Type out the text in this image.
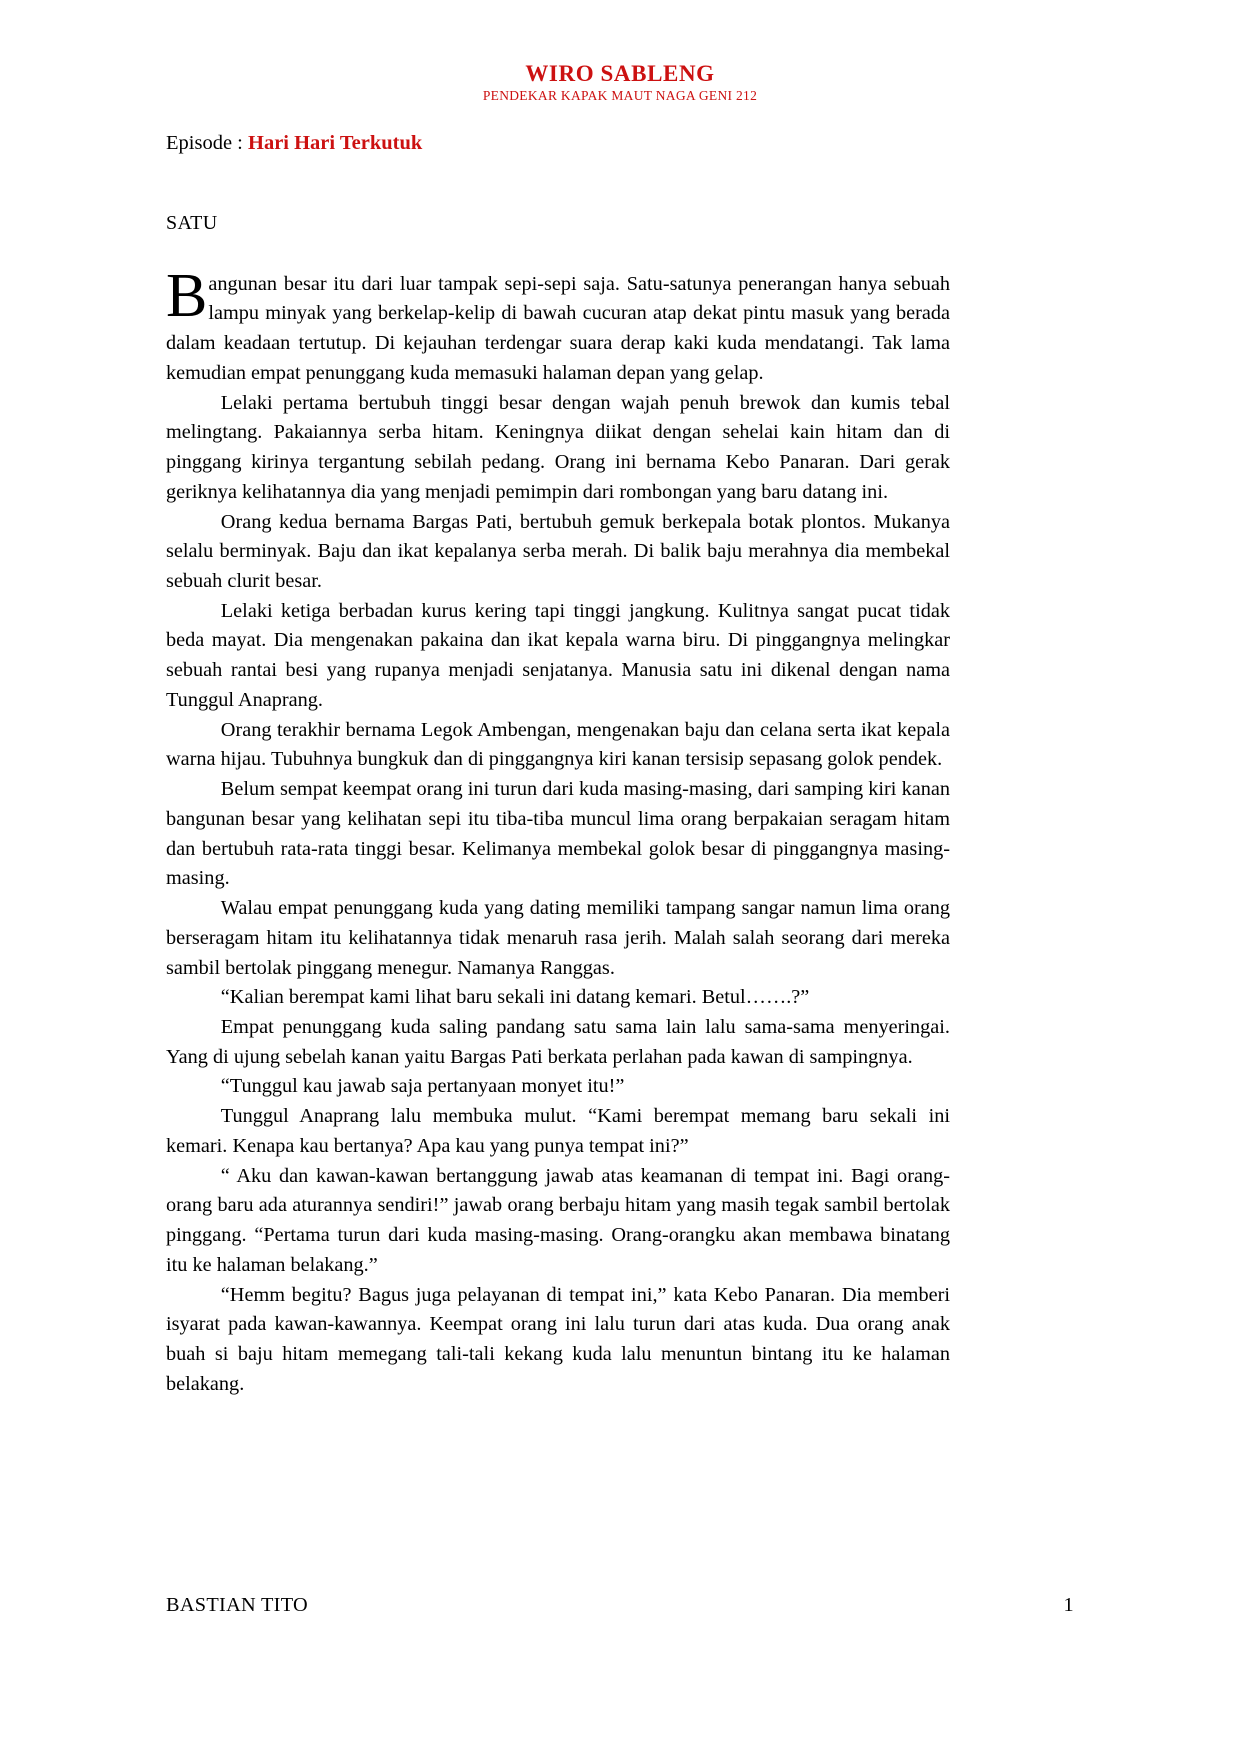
WIRO SABLENG
PENDEKAR KAPAK MAUT NAGA GENI 212
Episode : Hari Hari Terkutuk
SATU

Bangunan besar itu dari luar tampak sepi-sepi saja. Satu-satunya penerangan hanya sebuah lampu minyak yang berkelap-kelip di bawah cucuran atap dekat pintu masuk yang berada dalam keadaan tertutup. Di kejauhan terdengar suara derap kaki kuda mendatangi. Tak lama kemudian empat penunggang kuda memasuki halaman depan yang gelap.

Lelaki pertama bertubuh tinggi besar dengan wajah penuh brewok dan kumis tebal melingtang. Pakaiannya serba hitam. Keningnya diikat dengan sehelai kain hitam dan di pinggang kirinya tergantung sebilah pedang. Orang ini bernama Kebo Panaran. Dari gerak geriknya kelihatannya dia yang menjadi pemimpin dari rombongan yang baru datang ini.

Orang kedua bernama Bargas Pati, bertubuh gemuk berkepala botak plontos. Mukanya selalu berminyak. Baju dan ikat kepalanya serba merah. Di balik baju merahnya dia membekal sebuah clurit besar.

Lelaki ketiga berbadan kurus kering tapi tinggi jangkung. Kulitnya sangat pucat tidak beda mayat. Dia mengenakan pakaina dan ikat kepala warna biru. Di pinggangnya melingkar sebuah rantai besi yang rupanya menjadi senjatanya. Manusia satu ini dikenal dengan nama Tunggul Anaprang.

Orang terakhir bernama Legok Ambengan, mengenakan baju dan celana serta ikat kepala warna hijau. Tubuhnya bungkuk dan di pinggangnya kiri kanan tersisip sepasang golok pendek.

Belum sempat keempat orang ini turun dari kuda masing-masing, dari samping kiri kanan bangunan besar yang kelihatan sepi itu tiba-tiba muncul lima orang berpakaian seragam hitam dan bertubuh rata-rata tinggi besar. Kelimanya membekal golok besar di pinggangnya masing-masing.

Walau empat penunggang kuda yang dating memiliki tampang sangar namun lima orang berseragam hitam itu kelihatannya tidak menaruh rasa jerih. Malah salah seorang dari mereka sambil bertolak pinggang menegur. Namanya Ranggas.

“Kalian berempat kami lihat baru sekali ini datang kemari. Betul…….?”

Empat penunggang kuda saling pandang satu sama lain lalu sama-sama menyeringai. Yang di ujung sebelah kanan yaitu Bargas Pati berkata perlahan pada kawan di sampingnya.

“Tunggul kau jawab saja pertanyaan monyet itu!”

Tunggul Anaprang lalu membuka mulut. “Kami berempat memang baru sekali ini kemari. Kenapa kau bertanya? Apa kau yang punya tempat ini?”

“ Aku dan kawan-kawan bertanggung jawab atas keamanan di tempat ini. Bagi orang-orang baru ada aturannya sendiri!” jawab orang berbaju hitam yang masih tegak sambil bertolak pinggang. “Pertama turun dari kuda masing-masing. Orang-orangku akan membawa binatang itu ke halaman belakang.”

“Hemm begitu? Bagus juga pelayanan di tempat ini,” kata Kebo Panaran. Dia memberi isyarat pada kawan-kawannya. Keempat orang ini lalu turun dari atas kuda. Dua orang anak buah si baju hitam memegang tali-tali kekang kuda lalu menuntun bintang itu ke halaman belakang.

BASTIAN TITO	1
